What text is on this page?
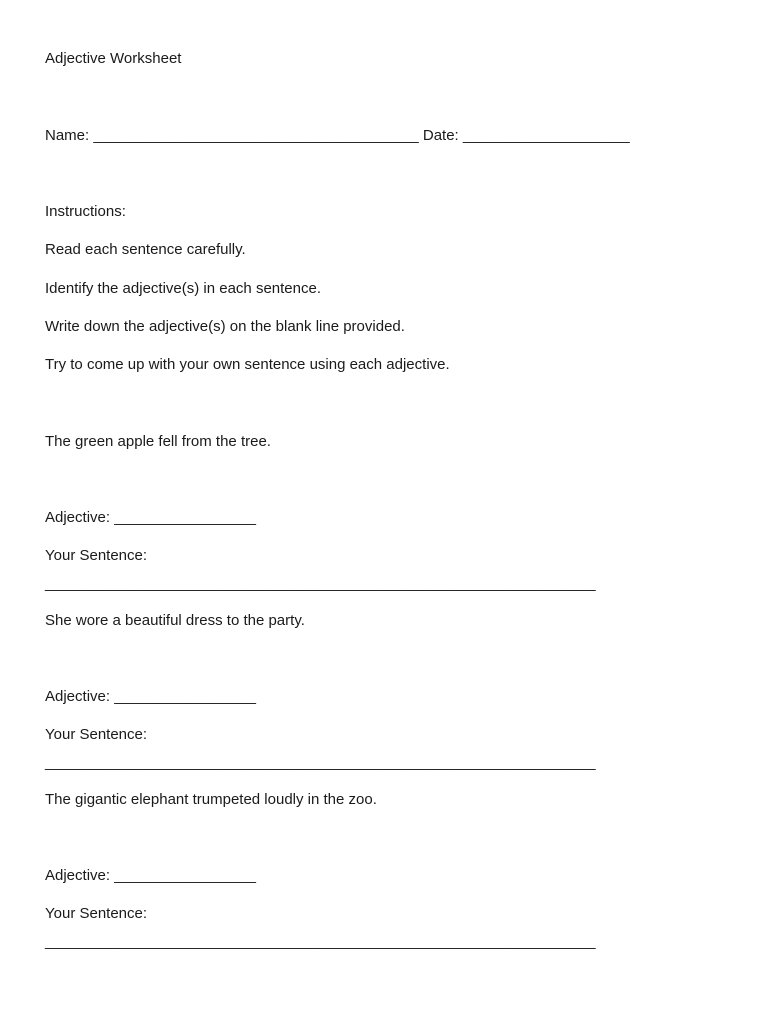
Adjective Worksheet
Name: _______________________________________ Date: ____________________
Instructions:
Read each sentence carefully.
Identify the adjective(s) in each sentence.
Write down the adjective(s) on the blank line provided.
Try to come up with your own sentence using each adjective.
The green apple fell from the tree.
Adjective: _________________
Your Sentence:
__________________________________________________________________
She wore a beautiful dress to the party.
Adjective: _________________
Your Sentence:
__________________________________________________________________
The gigantic elephant trumpeted loudly in the zoo.
Adjective: _________________
Your Sentence:
__________________________________________________________________
